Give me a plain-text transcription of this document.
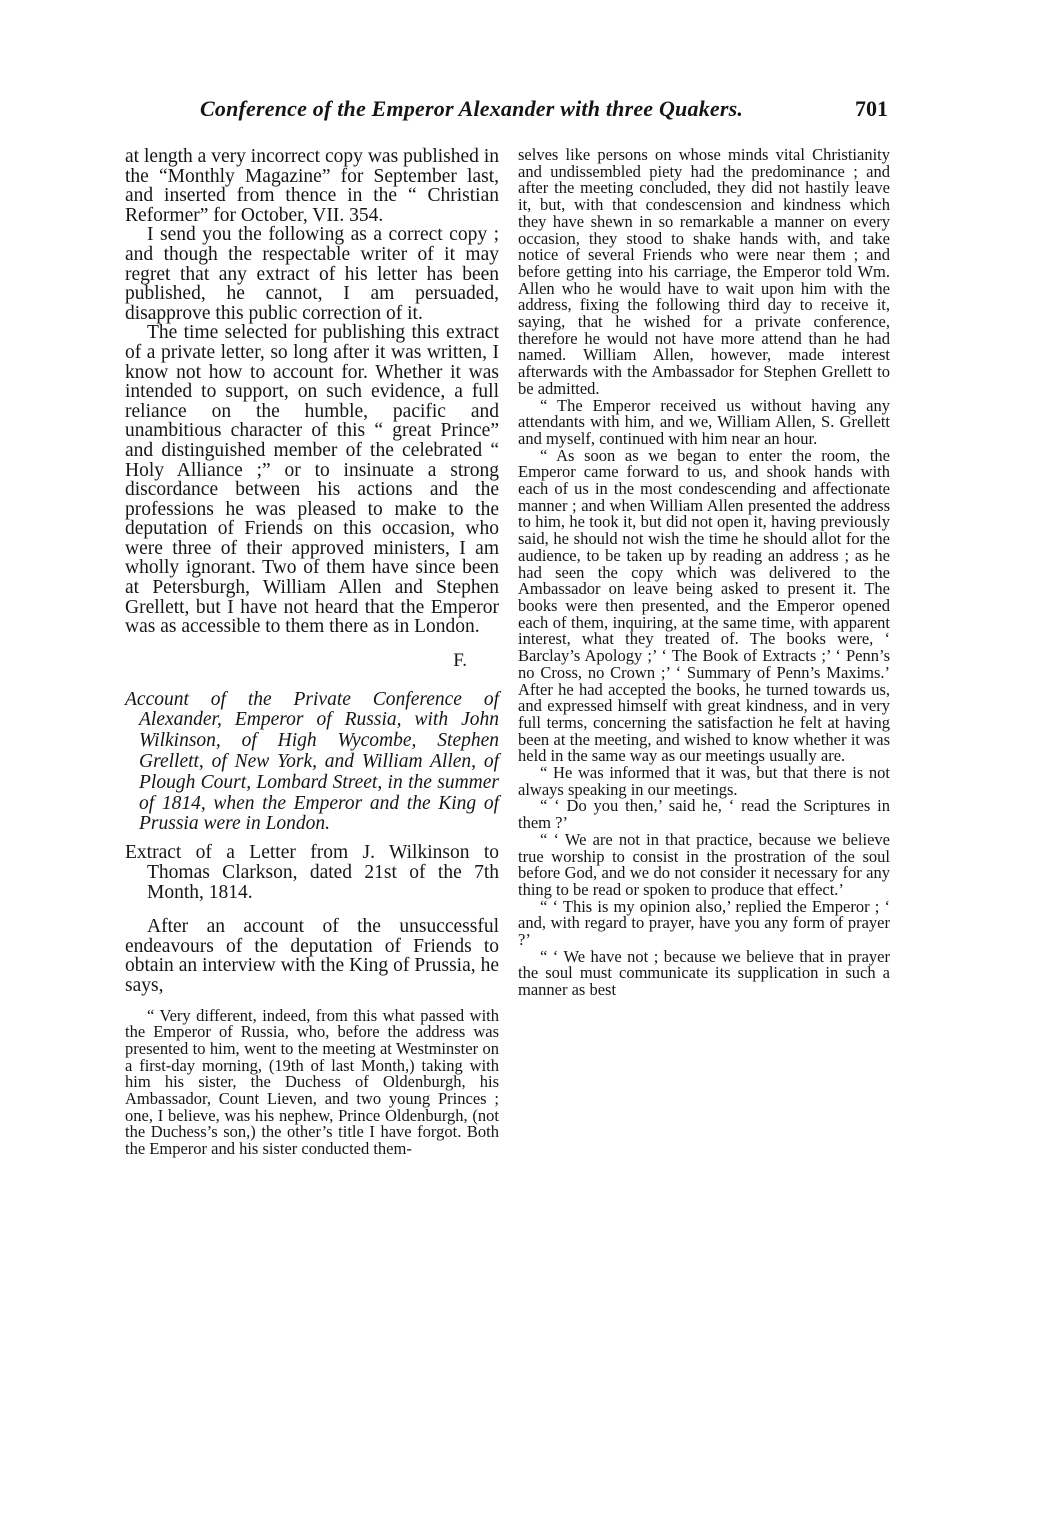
Conference of the Emperor Alexander with three Quakers.	701

at length a very incorrect copy was published in the “Monthly Magazine” for September last, and inserted from thence in the “ Christian Reformer” for October, VII. 354.

I send you the following as a correct copy ; and though the respectable writer of it may regret that any extract of his letter has been published, he cannot, I am persuaded, disapprove this public correction of it.

The time selected for publishing this extract of a private letter, so long after it was written, I know not how to account for. Whether it was intended to support, on such evidence, a full reliance on the humble, pacific and unambitious character of this “ great Prince” and distinguished member of the celebrated “ Holy Alliance ;” or to insinuate a strong discordance between his actions and the professions he was pleased to make to the deputation of Friends on this occasion, who were three of their approved ministers, I am wholly ignorant. Two of them have since been at Petersburgh, William Allen and Stephen Grellett, but I have not heard that the Emperor was as accessible to them there as in London.

F.

Account of the Private Conference of Alexander, Emperor of Russia, with John Wilkinson, of High Wycombe, Stephen Grellett, of New York, and William Allen, of Plough Court, Lombard Street, in the summer of 1814, when the Emperor and the King of Prussia were in London.

Extract of a Letter from J. Wilkinson to Thomas Clarkson, dated 21st of the 7th Month, 1814.

After an account of the unsuccessful endeavours of the deputation of Friends to obtain an interview with the King of Prussia, he says,

“ Very different, indeed, from this what passed with the Emperor of Russia, who, before the address was presented to him, went to the meeting at Westminster on a first-day morning, (19th of last Month,) taking with him his sister, the Duchess of Oldenburgh, his Ambassador, Count Lieven, and two young Princes ; one, I believe, was his nephew, Prince Oldenburgh, (not the Duchess’s son,) the other’s title I have forgot. Both the Emperor and his sister conducted them-

selves like persons on whose minds vital Christianity and undissembled piety had the predominance ; and after the meeting concluded, they did not hastily leave it, but, with that condescension and kindness which they have shewn in so remarkable a manner on every occasion, they stood to shake hands with, and take notice of several Friends who were near them ; and before getting into his carriage, the Emperor told Wm. Allen who he would have to wait upon him with the address, fixing the following third day to receive it, saying, that he wished for a private conference, therefore he would not have more attend than he had named. William Allen, however, made interest afterwards with the Ambassador for Stephen Grellett to be admitted.

“ The Emperor received us without having any attendants with him, and we, William Allen, S. Grellett and myself, continued with him near an hour.

“ As soon as we began to enter the room, the Emperor came forward to us, and shook hands with each of us in the most condescending and affectionate manner ; and when William Allen presented the address to him, he took it, but did not open it, having previously said, he should not wish the time he should allot for the audience, to be taken up by reading an address ; as he had seen the copy which was delivered to the Ambassador on leave being asked to present it. The books were then presented, and the Emperor opened each of them, inquiring, at the same time, with apparent interest, what they treated of. The books were, ‘ Barclay’s Apology ;’ ‘ The Book of Extracts ;’ ‘ Penn’s no Cross, no Crown ;’ ‘ Summary of Penn’s Maxims.’ After he had accepted the books, he turned towards us, and expressed himself with great kindness, and in very full terms, concerning the satisfaction he felt at having been at the meeting, and wished to know whether it was held in the same way as our meetings usually are.

“ He was informed that it was, but that there is not always speaking in our meetings.

“ ‘ Do you then,’ said he, ‘ read the Scriptures in them ?’

“ ‘ We are not in that practice, because we believe true worship to consist in the prostration of the soul before God, and we do not consider it necessary for any thing to be read or spoken to produce that effect.’

“ ‘ This is my opinion also,’ replied the Emperor ; ‘ and, with regard to prayer, have you any form of prayer ?’

“ ‘ We have not ; because we believe that in prayer the soul must communicate its supplication in such a manner as best
